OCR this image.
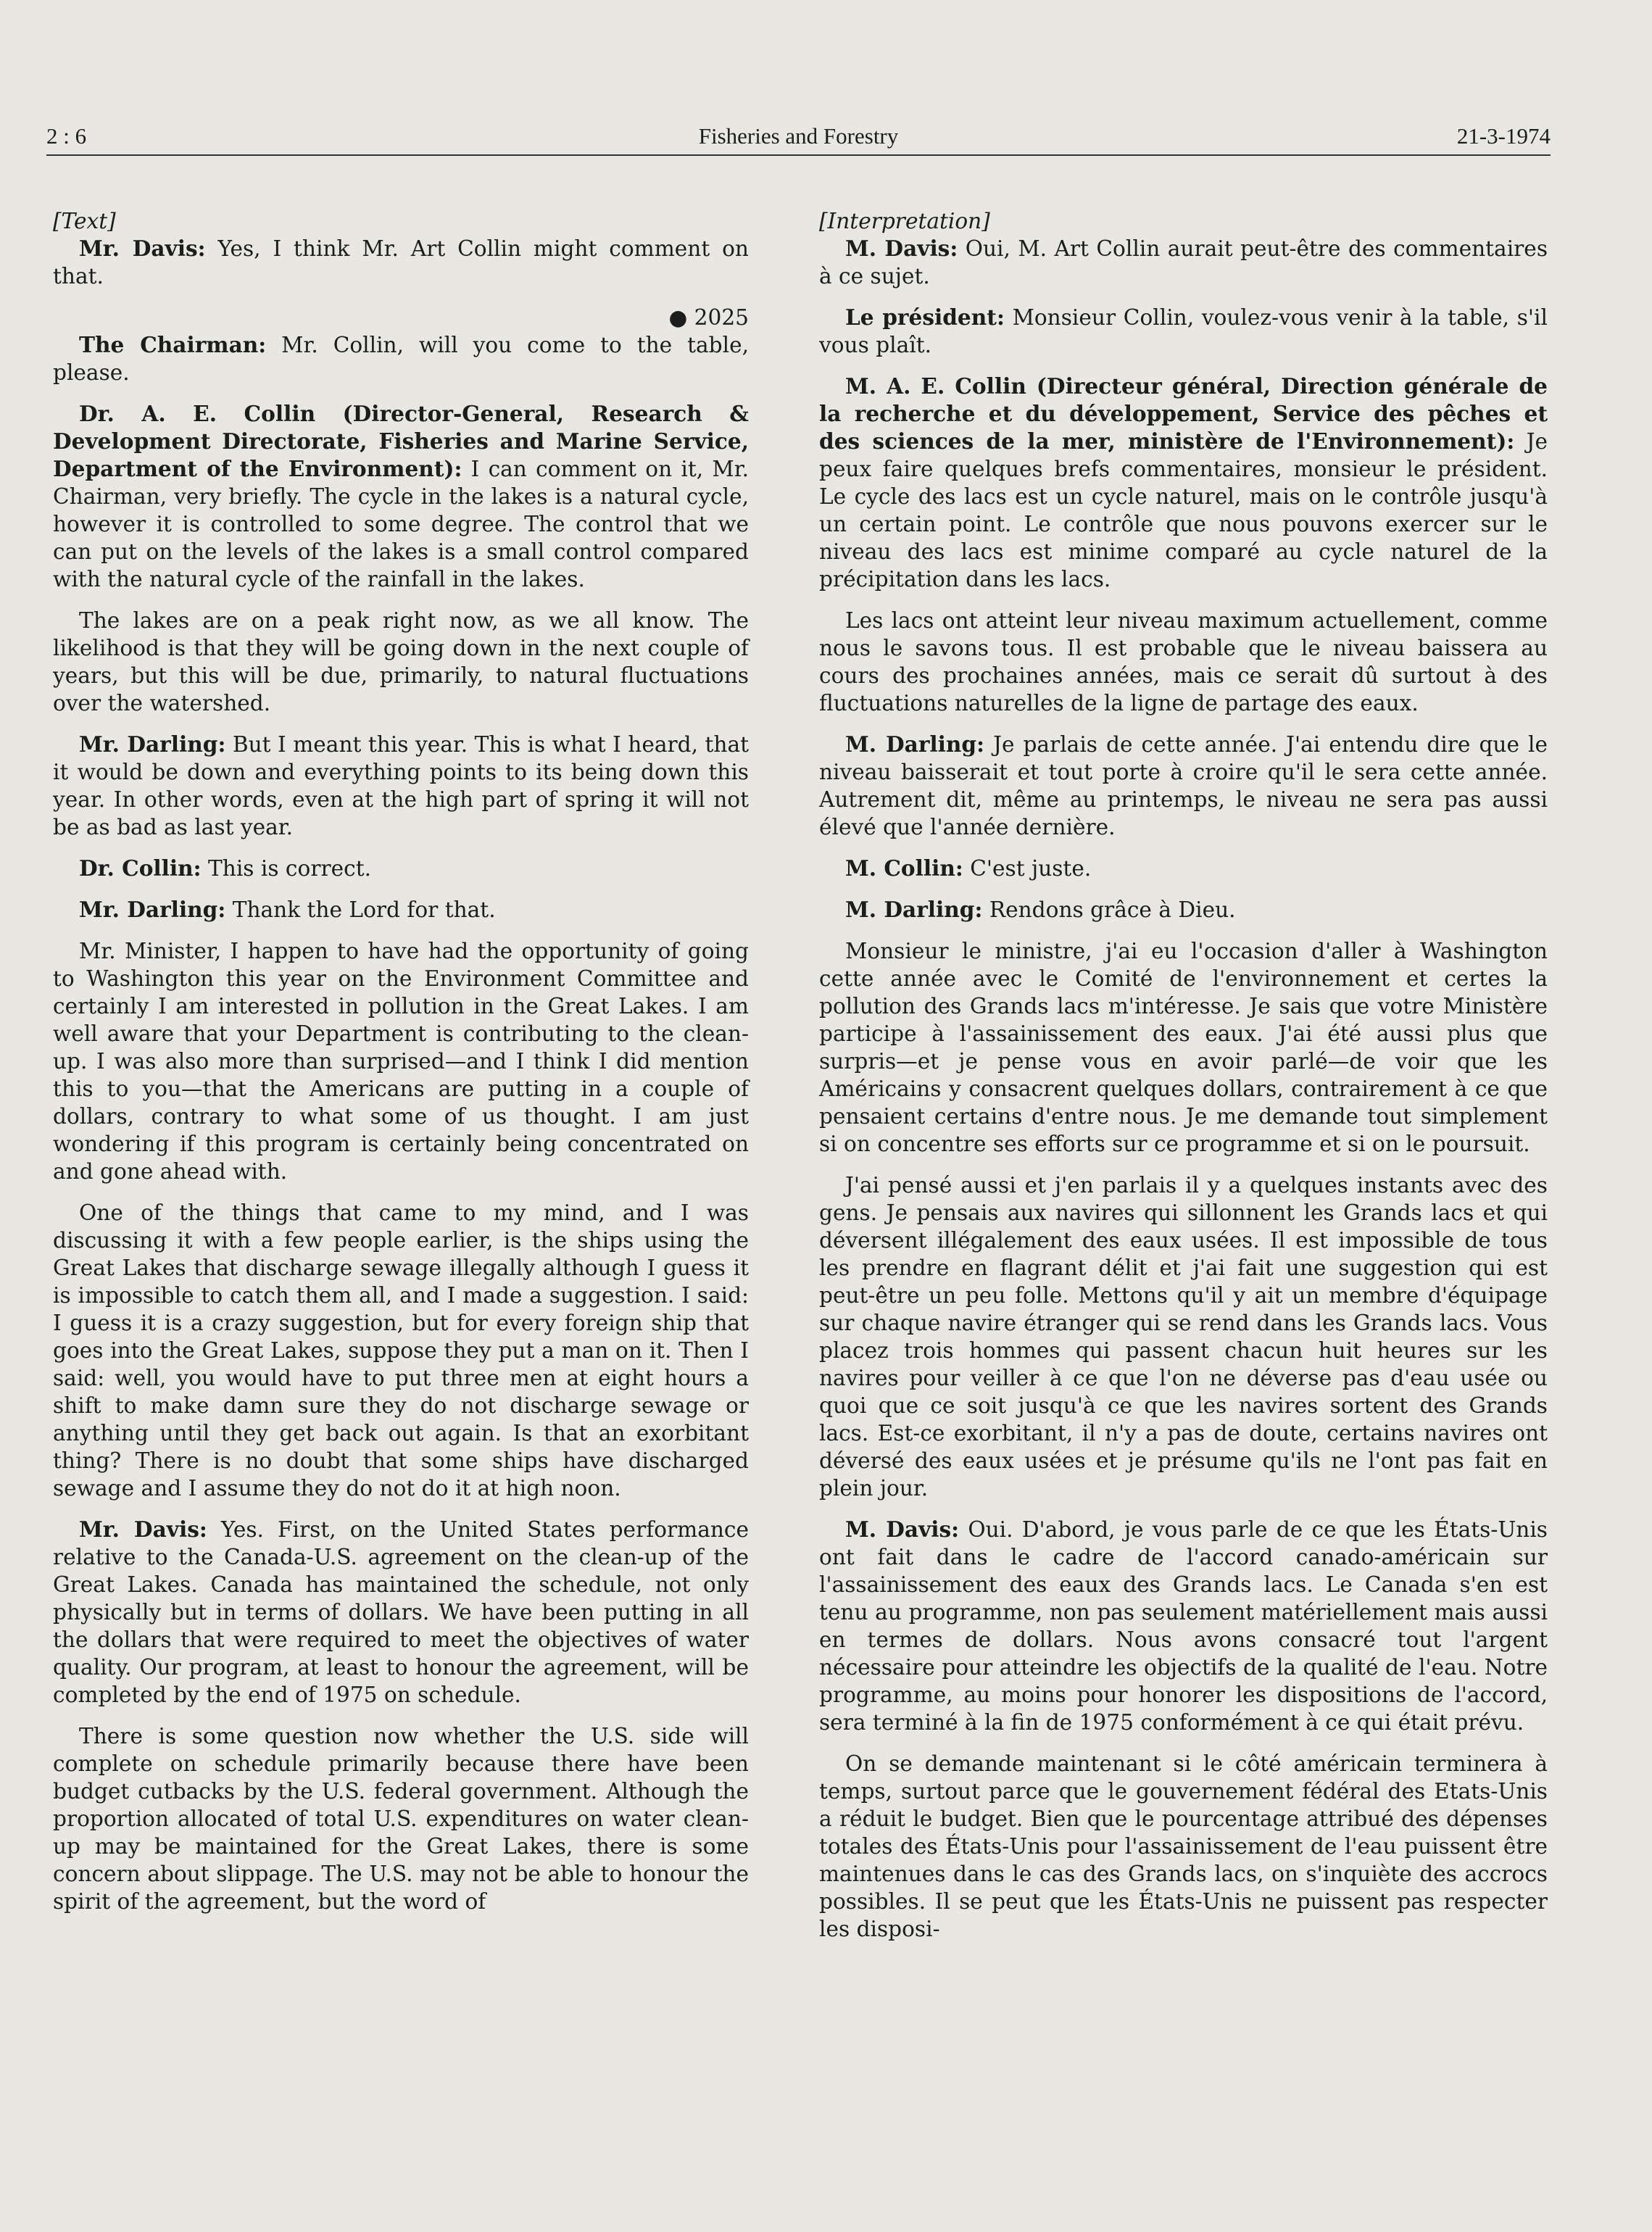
2 : 6	Fisheries and Forestry	21-3-1974

[Text]

Mr. Davis: Yes, I think Mr. Art Collin might comment on that.

● 2025

The Chairman: Mr. Collin, will you come to the table, please.

Dr. A. E. Collin (Director-General, Research & Development Directorate, Fisheries and Marine Service, Department of the Environment): I can comment on it, Mr. Chairman, very briefly. The cycle in the lakes is a natural cycle, however it is controlled to some degree. The control that we can put on the levels of the lakes is a small control compared with the natural cycle of the rainfall in the lakes.

The lakes are on a peak right now, as we all know. The likelihood is that they will be going down in the next couple of years, but this will be due, primarily, to natural fluctuations over the watershed.

Mr. Darling: But I meant this year. This is what I heard, that it would be down and everything points to its being down this year. In other words, even at the high part of spring it will not be as bad as last year.

Dr. Collin: This is correct.

Mr. Darling: Thank the Lord for that.

Mr. Minister, I happen to have had the opportunity of going to Washington this year on the Environment Committee and certainly I am interested in pollution in the Great Lakes. I am well aware that your Department is contributing to the clean-up. I was also more than surprised—and I think I did mention this to you—that the Americans are putting in a couple of dollars, contrary to what some of us thought. I am just wondering if this program is certainly being concentrated on and gone ahead with.

One of the things that came to my mind, and I was discussing it with a few people earlier, is the ships using the Great Lakes that discharge sewage illegally although I guess it is impossible to catch them all, and I made a suggestion. I said: I guess it is a crazy suggestion, but for every foreign ship that goes into the Great Lakes, suppose they put a man on it. Then I said: well, you would have to put three men at eight hours a shift to make damn sure they do not discharge sewage or anything until they get back out again. Is that an exorbitant thing? There is no doubt that some ships have discharged sewage and I assume they do not do it at high noon.

Mr. Davis: Yes. First, on the United States performance relative to the Canada-U.S. agreement on the clean-up of the Great Lakes. Canada has maintained the schedule, not only physically but in terms of dollars. We have been putting in all the dollars that were required to meet the objectives of water quality. Our program, at least to honour the agreement, will be completed by the end of 1975 on schedule.

There is some question now whether the U.S. side will complete on schedule primarily because there have been budget cutbacks by the U.S. federal government. Although the proportion allocated of total U.S. expenditures on water clean-up may be maintained for the Great Lakes, there is some concern about slippage. The U.S. may not be able to honour the spirit of the agreement, but the word of

[Interpretation]

M. Davis: Oui, M. Art Collin aurait peut-être des commentaires à ce sujet.

Le président: Monsieur Collin, voulez-vous venir à la table, s'il vous plaît.

M. A. E. Collin (Directeur général, Direction générale de la recherche et du développement, Service des pêches et des sciences de la mer, ministère de l'Environnement): Je peux faire quelques brefs commentaires, monsieur le président. Le cycle des lacs est un cycle naturel, mais on le contrôle jusqu'à un certain point. Le contrôle que nous pouvons exercer sur le niveau des lacs est minime comparé au cycle naturel de la précipitation dans les lacs.

Les lacs ont atteint leur niveau maximum actuellement, comme nous le savons tous. Il est probable que le niveau baissera au cours des prochaines années, mais ce serait dû surtout à des fluctuations naturelles de la ligne de partage des eaux.

M. Darling: Je parlais de cette année. J'ai entendu dire que le niveau baisserait et tout porte à croire qu'il le sera cette année. Autrement dit, même au printemps, le niveau ne sera pas aussi élevé que l'année dernière.

M. Collin: C'est juste.

M. Darling: Rendons grâce à Dieu.

Monsieur le ministre, j'ai eu l'occasion d'aller à Washington cette année avec le Comité de l'environnement et certes la pollution des Grands lacs m'intéresse. Je sais que votre Ministère participe à l'assainissement des eaux. J'ai été aussi plus que surpris—et je pense vous en avoir parlé—de voir que les Américains y consacrent quelques dollars, contrairement à ce que pensaient certains d'entre nous. Je me demande tout simplement si on concentre ses efforts sur ce programme et si on le poursuit.

J'ai pensé aussi et j'en parlais il y a quelques instants avec des gens. Je pensais aux navires qui sillonnent les Grands lacs et qui déversent illégalement des eaux usées. Il est impossible de tous les prendre en flagrant délit et j'ai fait une suggestion qui est peut-être un peu folle. Mettons qu'il y ait un membre d'équipage sur chaque navire étranger qui se rend dans les Grands lacs. Vous placez trois hommes qui passent chacun huit heures sur les navires pour veiller à ce que l'on ne déverse pas d'eau usée ou quoi que ce soit jusqu'à ce que les navires sortent des Grands lacs. Est-ce exorbitant, il n'y a pas de doute, certains navires ont déversé des eaux usées et je présume qu'ils ne l'ont pas fait en plein jour.

M. Davis: Oui. D'abord, je vous parle de ce que les États-Unis ont fait dans le cadre de l'accord canado-américain sur l'assainissement des eaux des Grands lacs. Le Canada s'en est tenu au programme, non pas seulement matériellement mais aussi en termes de dollars. Nous avons consacré tout l'argent nécessaire pour atteindre les objectifs de la qualité de l'eau. Notre programme, au moins pour honorer les dispositions de l'accord, sera terminé à la fin de 1975 conformément à ce qui était prévu.

On se demande maintenant si le côté américain terminera à temps, surtout parce que le gouvernement fédéral des Etats-Unis a réduit le budget. Bien que le pourcentage attribué des dépenses totales des États-Unis pour l'assainissement de l'eau puissent être maintenues dans le cas des Grands lacs, on s'inquiète des accrocs possibles. Il se peut que les États-Unis ne puissent pas respecter les disposi-
